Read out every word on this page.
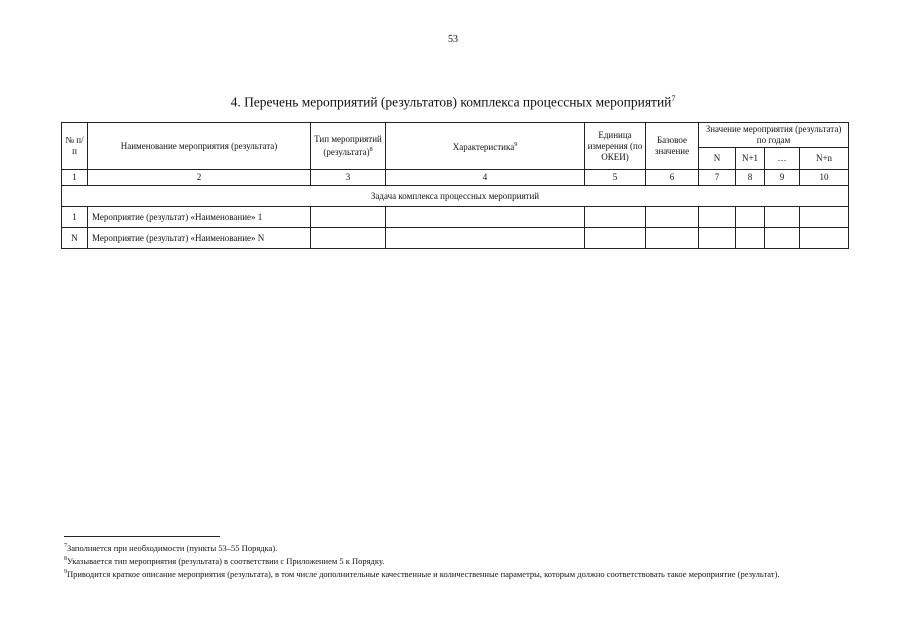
53
4. Перечень мероприятий (результатов) комплекса процессных мероприятий$^7$
№ п/п	Наименование мероприятия (результата)	Тип мероприятий (результата)$^8$	Характеристика$^9$	Единица измерения (по ОКЕИ)	Базовое значение	Значение мероприятия (результата) по годам			
						N	N+1	…	N+n
1	2	3	4	5	6	7	8	9	10
Задача комплекса процессных мероприятий									
1	Мероприятие (результат) «Наименование» 1								
N	Мероприятие (результат) «Наименование» N								

$^7$Заполняется при необходимости (пункты 53–55 Порядка).

$^8$Указывается тип мероприятия (результата) в соответствии с Приложением 5 к Порядку.

$^9$Приводится краткое описание мероприятия (результата), в том числе дополнительные качественные и количественные параметры, которым должно соответствовать такое мероприятие (результат).
